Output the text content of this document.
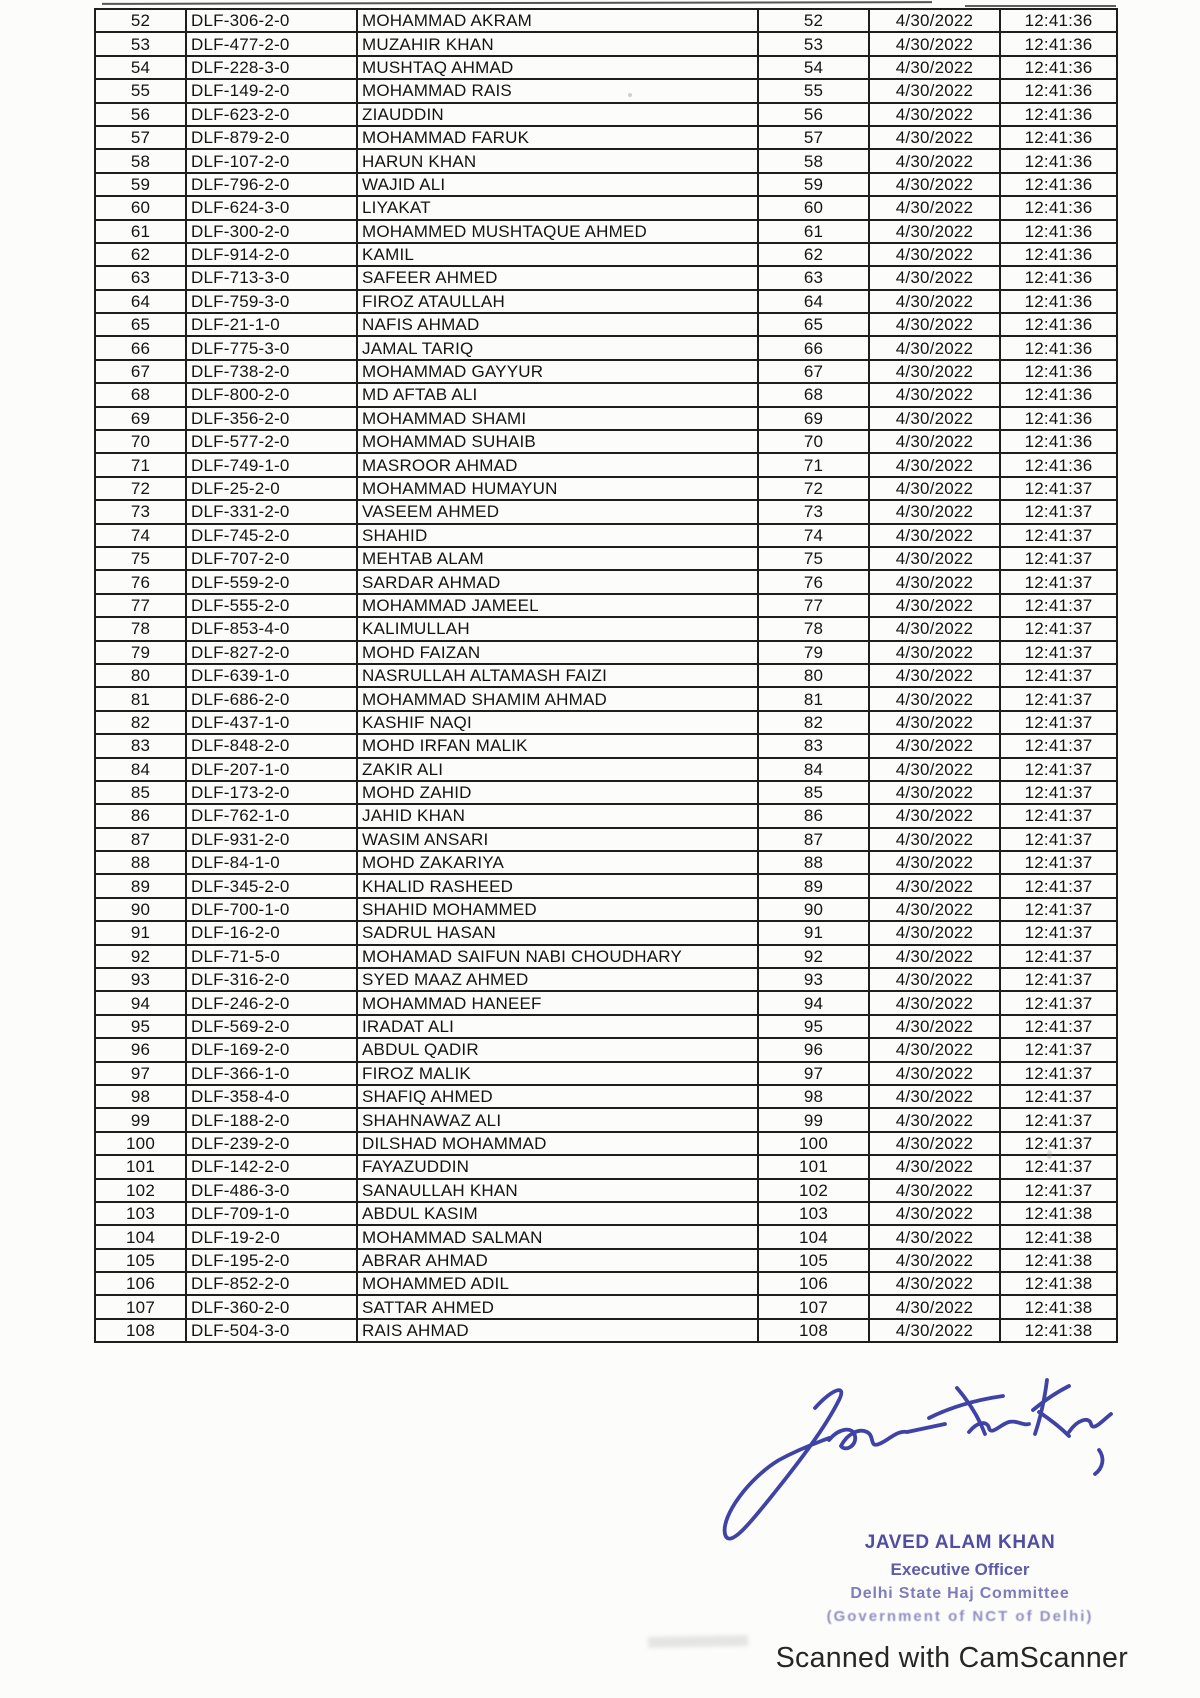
52	DLF-306-2-0	MOHAMMAD AKRAM	52	4/30/2022	12:41:36
53	DLF-477-2-0	MUZAHIR KHAN	53	4/30/2022	12:41:36
54	DLF-228-3-0	MUSHTAQ AHMAD	54	4/30/2022	12:41:36
55	DLF-149-2-0	MOHAMMAD RAIS	55	4/30/2022	12:41:36
56	DLF-623-2-0	ZIAUDDIN	56	4/30/2022	12:41:36
57	DLF-879-2-0	MOHAMMAD FARUK	57	4/30/2022	12:41:36
58	DLF-107-2-0	HARUN KHAN	58	4/30/2022	12:41:36
59	DLF-796-2-0	WAJID ALI	59	4/30/2022	12:41:36
60	DLF-624-3-0	LIYAKAT	60	4/30/2022	12:41:36
61	DLF-300-2-0	MOHAMMED MUSHTAQUE AHMED	61	4/30/2022	12:41:36
62	DLF-914-2-0	KAMIL	62	4/30/2022	12:41:36
63	DLF-713-3-0	SAFEER AHMED	63	4/30/2022	12:41:36
64	DLF-759-3-0	FIROZ ATAULLAH	64	4/30/2022	12:41:36
65	DLF-21-1-0	NAFIS AHMAD	65	4/30/2022	12:41:36
66	DLF-775-3-0	JAMAL TARIQ	66	4/30/2022	12:41:36
67	DLF-738-2-0	MOHAMMAD GAYYUR	67	4/30/2022	12:41:36
68	DLF-800-2-0	MD AFTAB ALI	68	4/30/2022	12:41:36
69	DLF-356-2-0	MOHAMMAD SHAMI	69	4/30/2022	12:41:36
70	DLF-577-2-0	MOHAMMAD SUHAIB	70	4/30/2022	12:41:36
71	DLF-749-1-0	MASROOR AHMAD	71	4/30/2022	12:41:36
72	DLF-25-2-0	MOHAMMAD HUMAYUN	72	4/30/2022	12:41:37
73	DLF-331-2-0	VASEEM AHMED	73	4/30/2022	12:41:37
74	DLF-745-2-0	SHAHID	74	4/30/2022	12:41:37
75	DLF-707-2-0	MEHTAB ALAM	75	4/30/2022	12:41:37
76	DLF-559-2-0	SARDAR AHMAD	76	4/30/2022	12:41:37
77	DLF-555-2-0	MOHAMMAD JAMEEL	77	4/30/2022	12:41:37
78	DLF-853-4-0	KALIMULLAH	78	4/30/2022	12:41:37
79	DLF-827-2-0	MOHD FAIZAN	79	4/30/2022	12:41:37
80	DLF-639-1-0	NASRULLAH ALTAMASH FAIZI	80	4/30/2022	12:41:37
81	DLF-686-2-0	MOHAMMAD SHAMIM AHMAD	81	4/30/2022	12:41:37
82	DLF-437-1-0	KASHIF NAQI	82	4/30/2022	12:41:37
83	DLF-848-2-0	MOHD IRFAN MALIK	83	4/30/2022	12:41:37
84	DLF-207-1-0	ZAKIR ALI	84	4/30/2022	12:41:37
85	DLF-173-2-0	MOHD ZAHID	85	4/30/2022	12:41:37
86	DLF-762-1-0	JAHID KHAN	86	4/30/2022	12:41:37
87	DLF-931-2-0	WASIM ANSARI	87	4/30/2022	12:41:37
88	DLF-84-1-0	MOHD ZAKARIYA	88	4/30/2022	12:41:37
89	DLF-345-2-0	KHALID RASHEED	89	4/30/2022	12:41:37
90	DLF-700-1-0	SHAHID MOHAMMED	90	4/30/2022	12:41:37
91	DLF-16-2-0	SADRUL HASAN	91	4/30/2022	12:41:37
92	DLF-71-5-0	MOHAMAD SAIFUN NABI CHOUDHARY	92	4/30/2022	12:41:37
93	DLF-316-2-0	SYED MAAZ AHMED	93	4/30/2022	12:41:37
94	DLF-246-2-0	MOHAMMAD HANEEF	94	4/30/2022	12:41:37
95	DLF-569-2-0	IRADAT ALI	95	4/30/2022	12:41:37
96	DLF-169-2-0	ABDUL QADIR	96	4/30/2022	12:41:37
97	DLF-366-1-0	FIROZ MALIK	97	4/30/2022	12:41:37
98	DLF-358-4-0	SHAFIQ AHMED	98	4/30/2022	12:41:37
99	DLF-188-2-0	SHAHNAWAZ ALI	99	4/30/2022	12:41:37
100	DLF-239-2-0	DILSHAD MOHAMMAD	100	4/30/2022	12:41:37
101	DLF-142-2-0	FAYAZUDDIN	101	4/30/2022	12:41:37
102	DLF-486-3-0	SANAULLAH KHAN	102	4/30/2022	12:41:37
103	DLF-709-1-0	ABDUL KASIM	103	4/30/2022	12:41:38
104	DLF-19-2-0	MOHAMMAD SALMAN	104	4/30/2022	12:41:38
105	DLF-195-2-0	ABRAR AHMAD	105	4/30/2022	12:41:38
106	DLF-852-2-0	MOHAMMED ADIL	106	4/30/2022	12:41:38
107	DLF-360-2-0	SATTAR AHMED	107	4/30/2022	12:41:38
108	DLF-504-3-0	RAIS AHMAD	108	4/30/2022	12:41:38
JAVED ALAM KHAN
Executive Officer
Delhi State Haj Committee
(Government of NCT of Delhi)
Scanned with CamScanner
